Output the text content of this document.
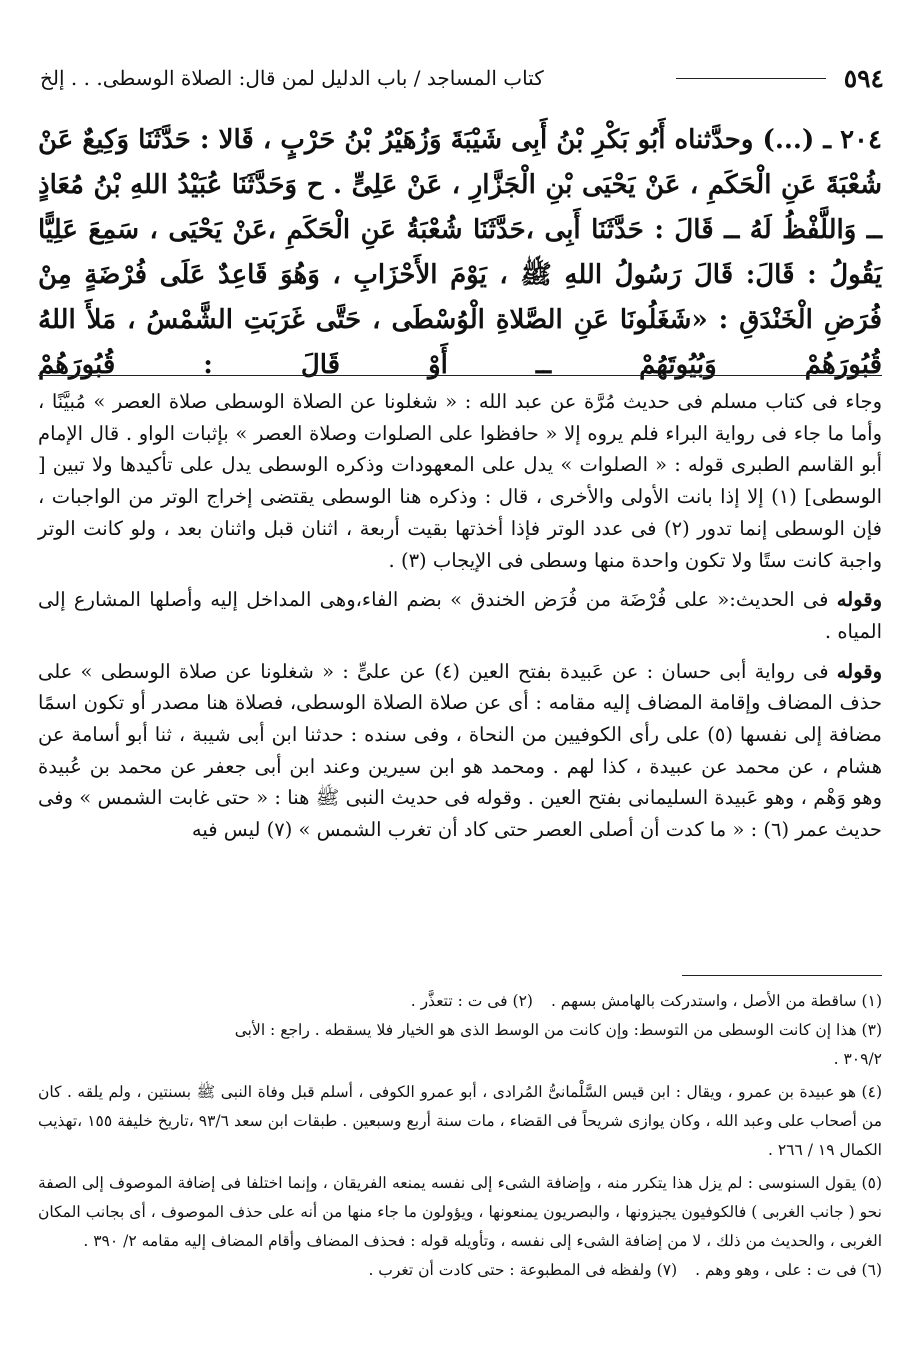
٥٩٤
كتاب المساجد / باب الدليل لمن قال: الصلاة الوسطى. . . إلخ

٢٠٤ ـ (...) وحدَّثناه أَبُو بَكْرِ بْنُ أَبِى شَيْبَةَ وَزُهَيْرُ بْنُ حَرْبٍ ، قَالا : حَدَّثَنَا وَكِيعٌ عَنْ شُعْبَةَ عَنِ الْحَكَمِ ، عَنْ يَحْيَى بْنِ الْجَزَّارِ ، عَنْ عَلِىٍّ . ح وَحَدَّثَنَا عُبَيْدُ اللهِ بْنُ مُعَاذٍ ــ وَاللَّفْظُ لَهُ ــ قَالَ : حَدَّثَنَا أَبِى ،حَدَّثَنَا شُعْبَةُ عَنِ الْحَكَمِ ،عَنْ يَحْيَى ، سَمِعَ عَلِيًّا يَقُولُ : قَالَ: قَالَ رَسُولُ اللهِ ﷺ ، يَوْمَ الأَحْزَابِ ، وَهُوَ قَاعِدٌ عَلَى فُرْضَةٍ مِنْ فُرَضِ الْخَنْدَقِ : «شَغَلُونَا عَنِ الصَّلاةِ الْوُسْطَى ، حَتَّى غَرَبَتِ الشَّمْسُ ، مَلأَ اللهُ قُبُورَهُمْ وَبُيُوتَهُمْ ــ أَوْ قَالَ : قُبُورَهُمْ

وجاء فى كتاب مسلم فى حديث مُرَّة عن عبد الله : « شغلونا عن الصلاة الوسطى صلاة العصر » مُبيَّنًا ، وأما ما جاء فى رواية البراء فلم يروه إلا « حافظوا على الصلوات وصلاة العصر » بإثبات الواو . قال الإمام أبو القاسم الطبرى قوله : « الصلوات » يدل على المعهودات وذكره الوسطى يدل على تأكيدها ولا تبين [ الوسطى] (١) إلا إذا بانت الأولى والأخرى ، قال : وذكره هنا الوسطى يقتضى إخراج الوتر من الواجبات ، فإن الوسطى إنما تدور (٢) فى عدد الوتر فإذا أخذتها بقيت أربعة ، اثنان قبل واثنان بعد ، ولو كانت الوتر واجبة كانت ستًا ولا تكون واحدة منها وسطى فى الإيجاب (٣) .

وقوله فى الحديث:« على فُرْضَة من فُرَض الخندق » بضم الفاء،وهى المداخل إليه وأصلها المشارع إلى المياه .

وقوله فى رواية أبى حسان : عن عَبيدة بفتح العين (٤) عن علىٍّ : « شغلونا عن صلاة الوسطى » على حذف المضاف وإقامة المضاف إليه مقامه : أى عن صلاة الصلاة الوسطى، فصلاة هنا مصدر أو تكون اسمًا مضافة إلى نفسها (٥) على رأى الكوفيين من النحاة ، وفى سنده : حدثنا ابن أبى شيبة ، ثنا أبو أسامة عن هشام ، عن محمد عن عبيدة ، كذا لهم . ومحمد هو ابن سيرين وعند ابن أبى جعفر عن محمد بن عُبيدة وهو وَهْم ، وهو عَبيدة السليمانى بفتح العين . وقوله فى حديث النبى ﷺ هنا : « حتى غابت الشمس » وفى حديث عمر (٦) : « ما كدت أن أصلى العصر حتى كاد أن تغرب الشمس » (٧) ليس فيه

(١) ساقطة من الأصل ، واستدركت بالهامش بسهم .
(٢) فى ت : تتعذَّر .

(٣) هذا إن كانت الوسطى من التوسط: وإن كانت من الوسط الذى هو الخيار فلا يسقطه . راجع : الأبى

٣٠٩/٢ .

(٤) هو عبيدة بن عمرو ، ويقال : ابن قيس السَّلْمانىُّ المُرادى ، أبو عمرو الكوفى ، أسلم قبل وفاة النبى ﷺ بسنتين ، ولم يلقه . كان من أصحاب على وعبد الله ، وكان يوازى شريحاً فى القضاء ، مات سنة أربع وسبعين . طبقات ابن سعد ٩٣/٦ ،تاريخ خليفة ١٥٥ ،تهذيب الكمال ١٩ / ٢٦٦ .

(٥) يقول السنوسى : لم يزل هذا يتكرر منه ، وإضافة الشىء إلى نفسه يمنعه الفريقان ، وإنما اختلفا فى إضافة الموصوف إلى الصفة نحو ( جانب الغربى ) فالكوفيون يجيزونها ، والبصريون يمنعونها ، ويؤولون ما جاء منها من أنه على حذف الموصوف ، أى بجانب المكان الغربى ، والحديث من ذلك ، لا من إضافة الشىء إلى نفسه ، وتأويله قوله : فحذف المضاف وأقام المضاف إليه مقامه ٢/ ٣٩٠ .

(٦) فى ت : على ، وهو وهم .
(٧) ولفظه فى المطبوعة : حتى كادت أن تغرب .
